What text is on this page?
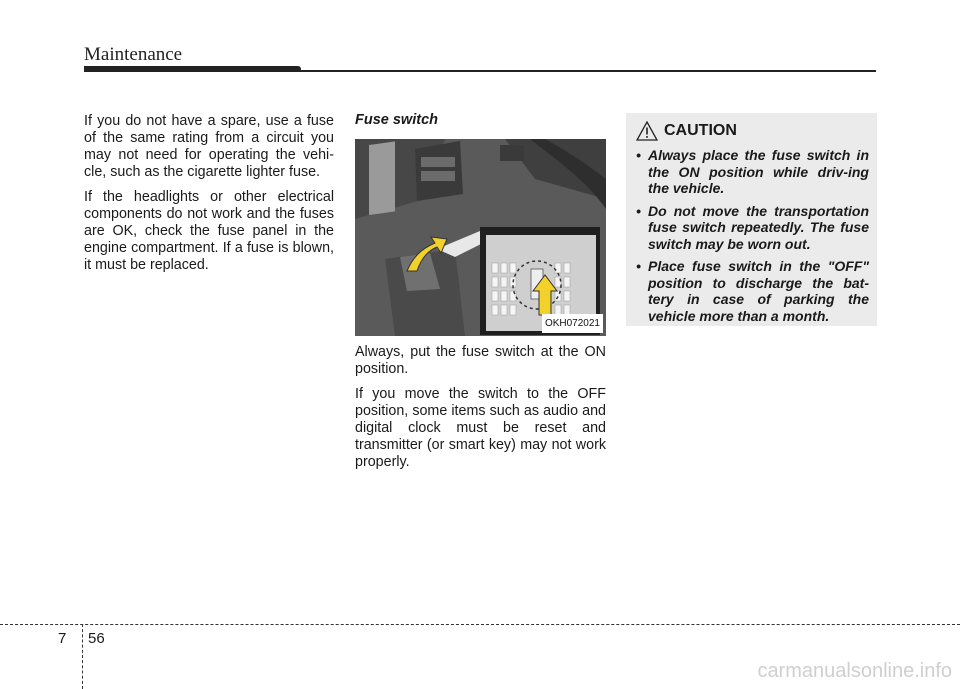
Maintenance

If you do not have a spare, use a fuse of the same rating from a circuit you may not need for operating the vehi-cle, such as the cigarette lighter fuse.

If the headlights or other electrical components do not work and the fuses are OK, check the fuse panel in the engine compartment. If a fuse is blown, it must be replaced.

Fuse switch
OKH072021

Always, put the fuse switch at the ON position.

If you move the switch to the OFF position, some items such as audio and digital clock must be reset and transmitter (or smart key) may not work properly.

CAUTION
• Always place the fuse switch in the ON position while driv-ing the vehicle.
• Do not move the transportation fuse switch repeatedly. The fuse switch may be worn out.
• Place fuse switch in the "OFF" position to discharge the bat-tery in case of parking the vehicle more than a month.
7 56
carmanualsonline.info
